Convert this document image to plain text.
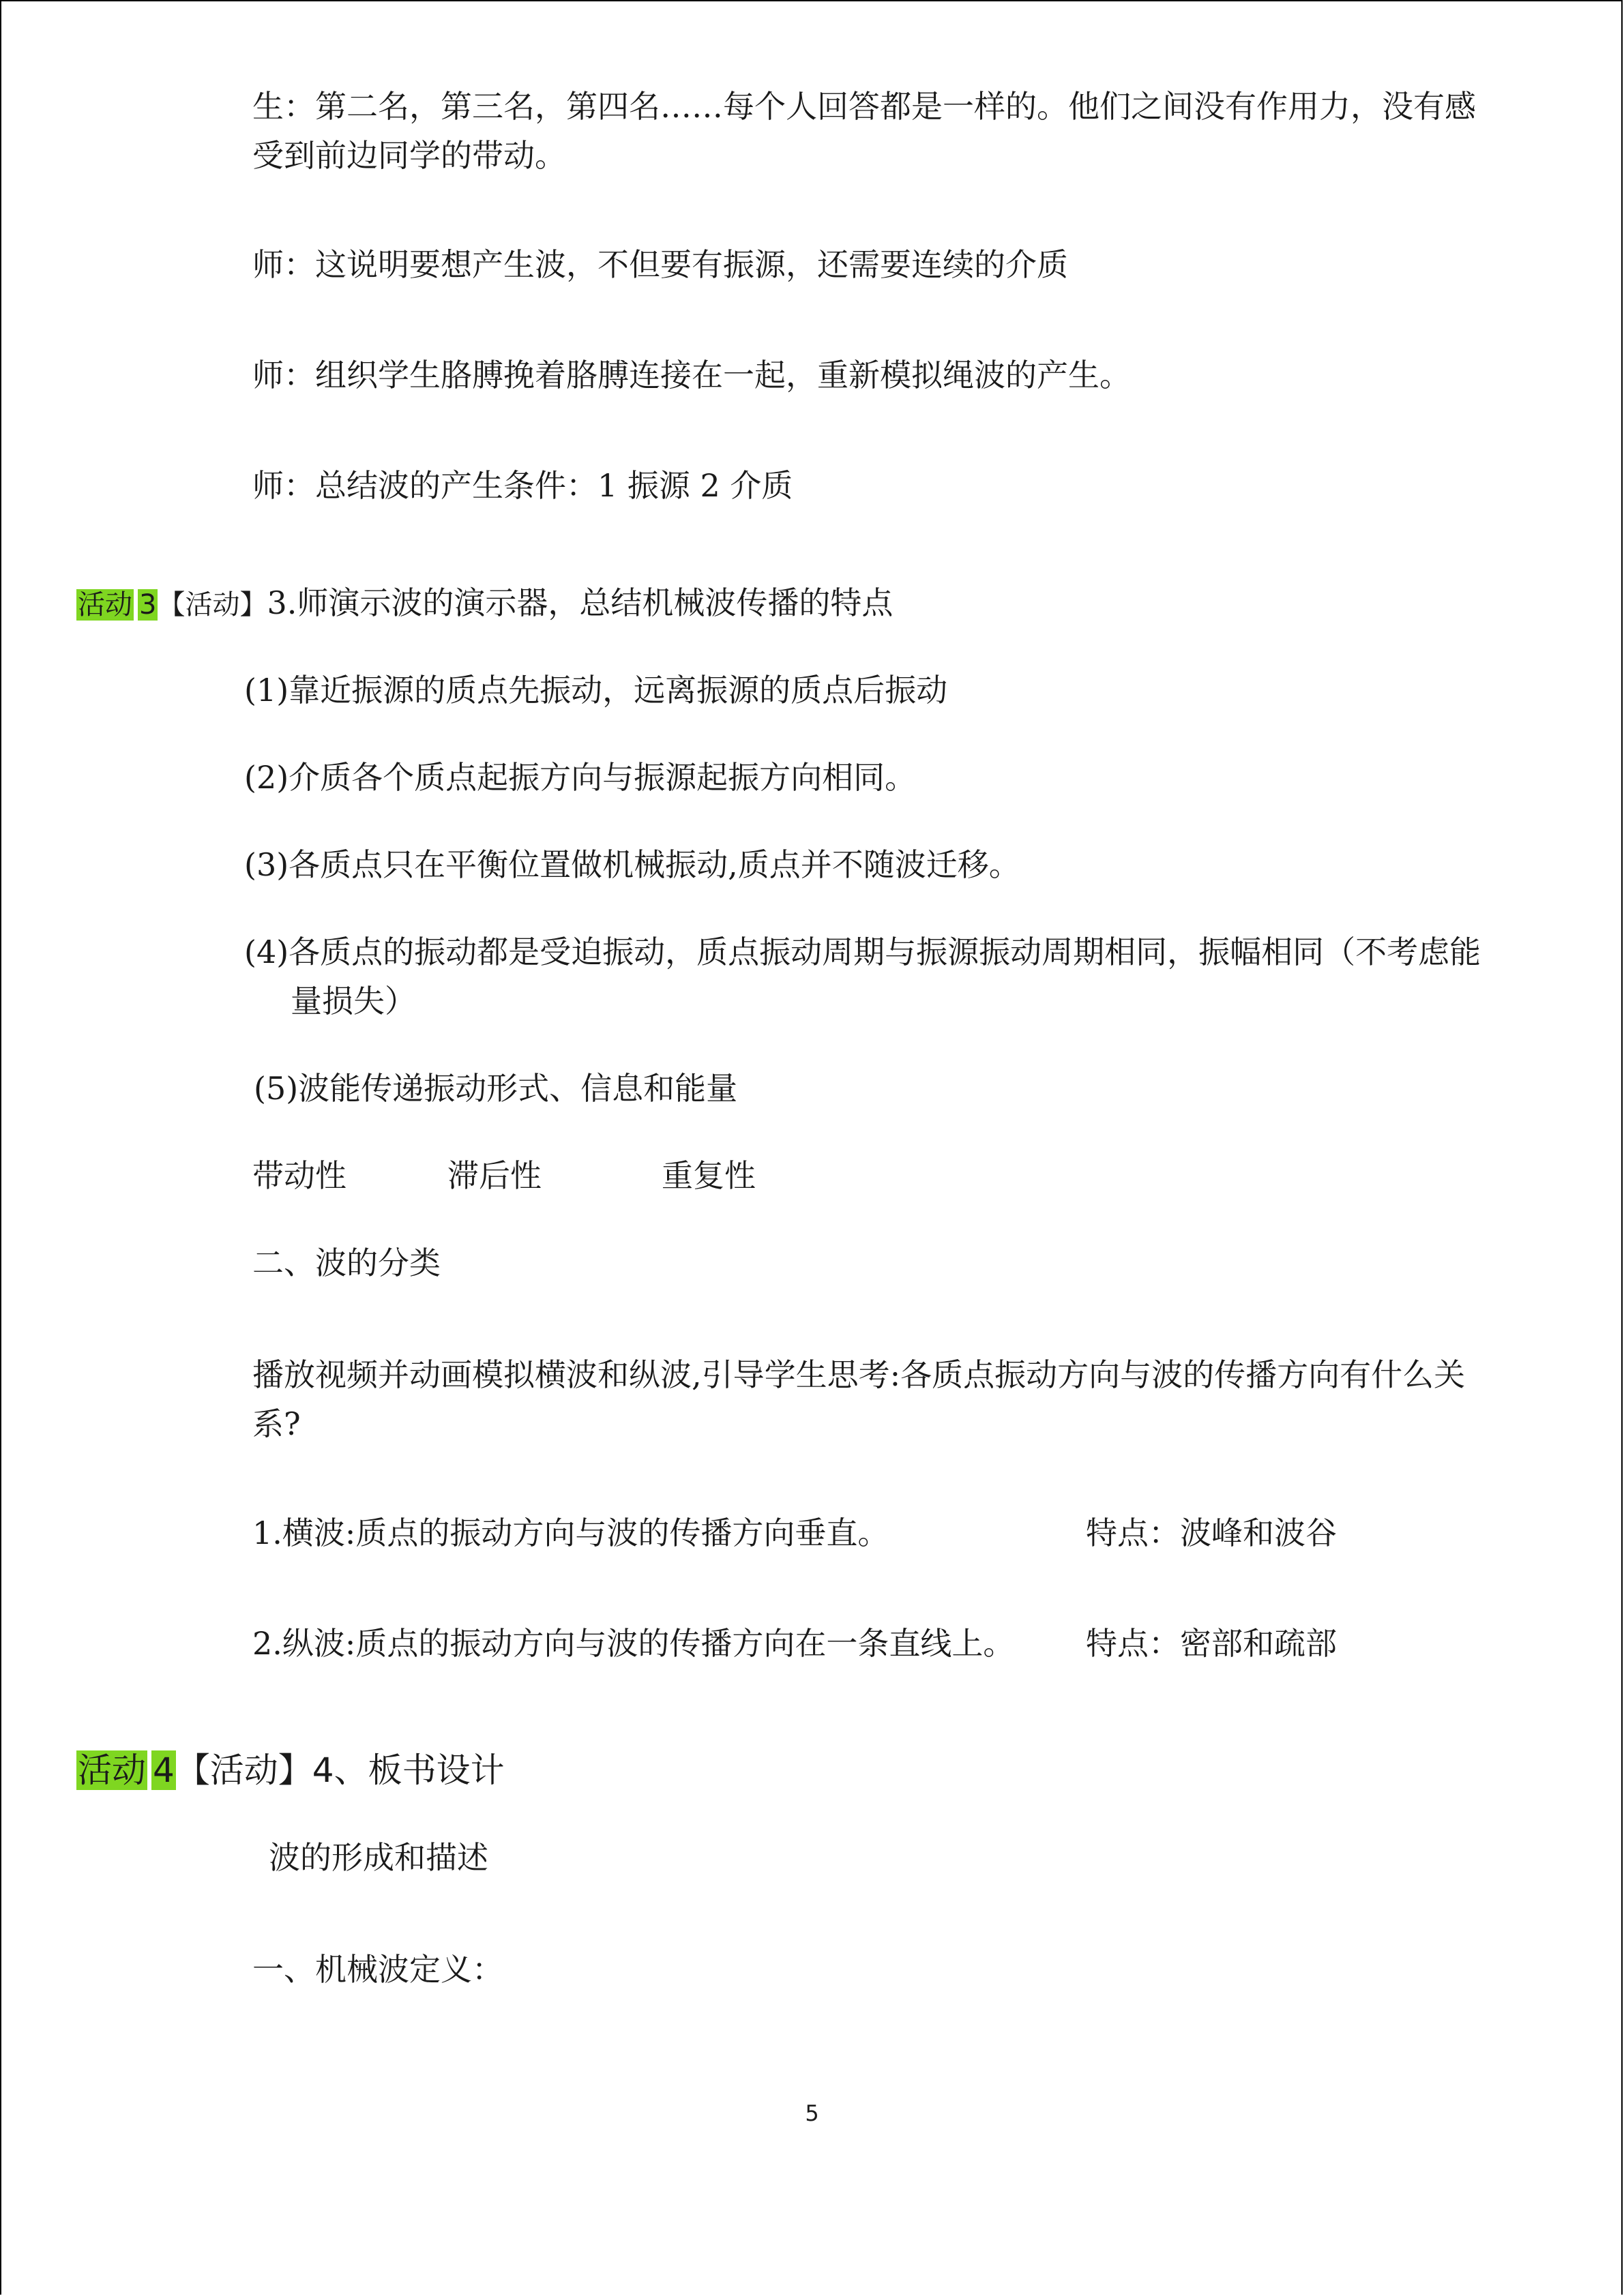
生：第二名，第三名，第四名……每个人回答都是一样的。他们之间没有作用力，没有感
受到前边同学的带动。
师：这说明要想产生波，不但要有振源，还需要连续的介质
师：组织学生胳膊挽着胳膊连接在一起，重新模拟绳波的产生。
师：总结波的产生条件：1 振源 2 介质
活动 3【活动】3.师演示波的演示器，总结机械波传播的特点
(1)靠近振源的质点先振动，远离振源的质点后振动
(2)介质各个质点起振方向与振源起振方向相同。
(3)各质点只在平衡位置做机械振动,质点并不随波迁移。
(4)各质点的振动都是受迫振动，质点振动周期与振源振动周期相同，振幅相同（不考虑能
量损失）
(5)波能传递振动形式、信息和能量
带动性	滞后性	重复性
二、波的分类
播放视频并动画模拟横波和纵波,引导学生思考:各质点振动方向与波的传播方向有什么关
系?
1.横波:质点的振动方向与波的传播方向垂直。	特点：波峰和波谷
2.纵波:质点的振动方向与波的传播方向在一条直线上。 特点：密部和疏部
活动 4【活动】4、板书设计
波的形成和描述
一、机械波定义：
5
